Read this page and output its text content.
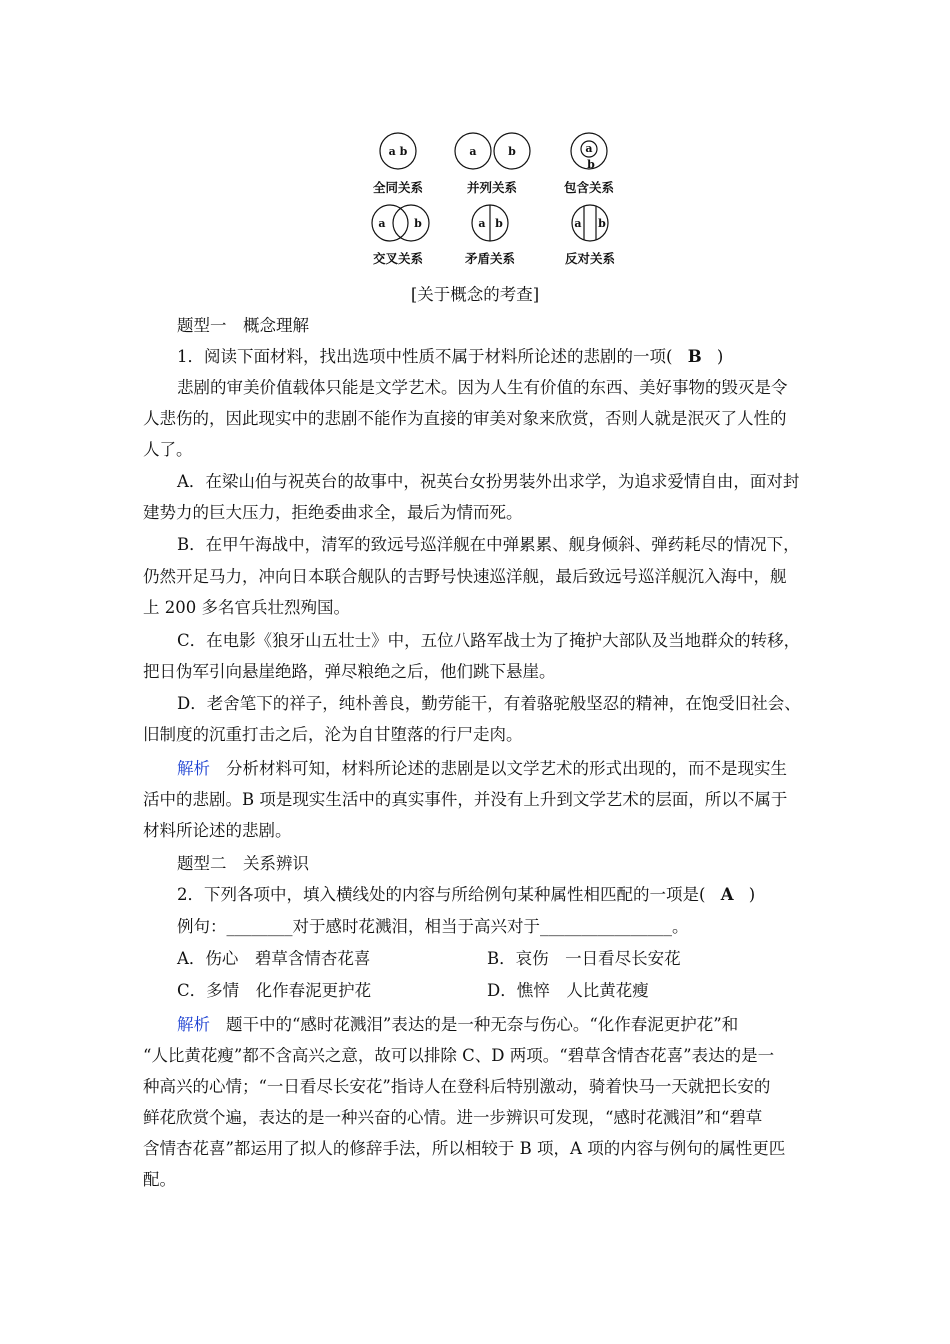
a b	a	b	a
b
a	b	a b	a b
全同关系	并列关系	包含关系
交叉关系	矛盾关系	反对关系
[关于概念的考查]
题型一　概念理解
1．阅读下面材料，找出选项中性质不属于材料所论述的悲剧的一项( B )
悲剧的审美价值载体只能是文学艺术。因为人生有价值的东西、美好事物的毁灭是令
人悲伤的，因此现实中的悲剧不能作为直接的审美对象来欣赏，否则人就是泯灭了人性的
人了。
A．在梁山伯与祝英台的故事中，祝英台女扮男装外出求学，为追求爱情自由，面对封
建势力的巨大压力，拒绝委曲求全，最后为情而死。
B．在甲午海战中，清军的致远号巡洋舰在中弹累累、舰身倾斜、弹药耗尽的情况下，
仍然开足马力，冲向日本联合舰队的吉野号快速巡洋舰，最后致远号巡洋舰沉入海中，舰
上 200 多名官兵壮烈殉国。
C．在电影《狼牙山五壮士》中，五位八路军战士为了掩护大部队及当地群众的转移，
把日伪军引向悬崖绝路，弹尽粮绝之后，他们跳下悬崖。
D．老舍笔下的祥子，纯朴善良，勤劳能干，有着骆驼般坚忍的精神，在饱受旧社会、
旧制度的沉重打击之后，沦为自甘堕落的行尸走肉。
解析 分析材料可知，材料所论述的悲剧是以文学艺术的形式出现的，而不是现实生
活中的悲剧。B 项是现实生活中的真实事件，并没有上升到文学艺术的层面，所以不属于
材料所论述的悲剧。
题型二　关系辨识
2．下列各项中，填入横线处的内容与所给例句某种属性相匹配的一项是( A )
例句：________对于感时花溅泪，相当于高兴对于________________。
A．伤心　碧草含情杏花喜	B．哀伤　一日看尽长安花
C．多情　化作春泥更护花	D．憔悴　人比黄花瘦
解析 题干中的“感时花溅泪”表达的是一种无奈与伤心。“化作春泥更护花”和
“人比黄花瘦”都不含高兴之意，故可以排除 C、D 两项。“碧草含情杏花喜”表达的是一
种高兴的心情；“一日看尽长安花”指诗人在登科后特别激动，骑着快马一天就把长安的
鲜花欣赏个遍，表达的是一种兴奋的心情。进一步辨识可发现，“感时花溅泪”和“碧草
含情杏花喜”都运用了拟人的修辞手法，所以相较于 B 项，A 项的内容与例句的属性更匹
配。
